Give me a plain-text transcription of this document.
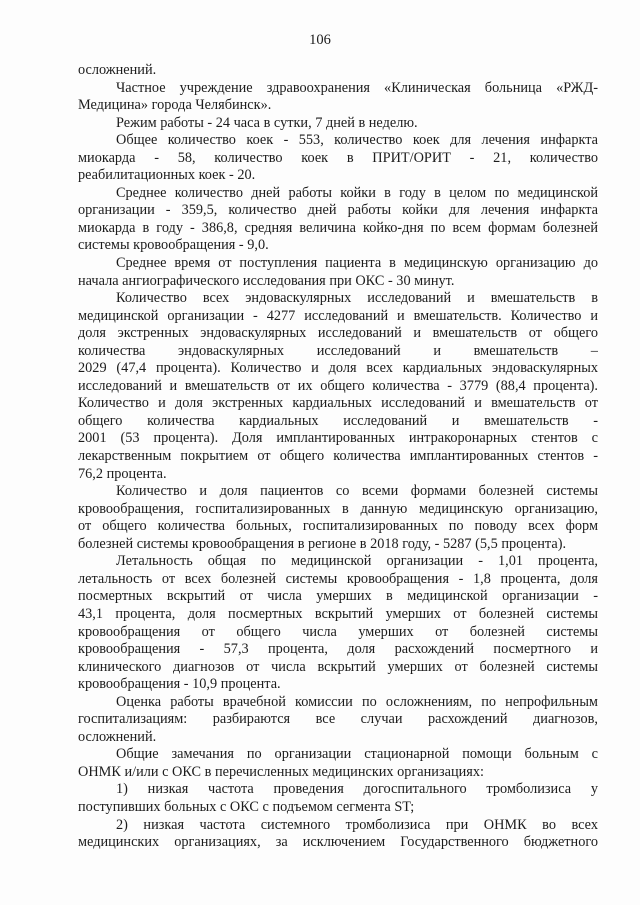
106
осложнений.
Частное учреждение здравоохранения «Клиническая больница «РЖД-
Медицина» города Челябинск».
Режим работы - 24 часа в сутки, 7 дней в неделю.
Общее количество коек - 553, количество коек для лечения инфаркта
миокарда - 58, количество коек в ПРИТ/ОРИТ - 21, количество
реабилитационных коек - 20.
Среднее количество дней работы койки в году в целом по медицинской
организации - 359,5, количество дней работы койки для лечения инфаркта
миокарда в году - 386,8, средняя величина койко-дня по всем формам болезней
системы кровообращения - 9,0.
Среднее время от поступления пациента в медицинскую организацию до
начала ангиографического исследования при ОКС - 30 минут.
Количество всех эндоваскулярных исследований и вмешательств в
медицинской организации - 4277 исследований и вмешательств. Количество и
доля экстренных эндоваскулярных исследований и вмешательств от общего
количества эндоваскулярных исследований и вмешательств –
2029 (47,4 процента). Количество и доля всех кардиальных эндоваскулярных
исследований и вмешательств от их общего количества - 3779 (88,4 процента).
Количество и доля экстренных кардиальных исследований и вмешательств от
общего количества кардиальных исследований и вмешательств -
2001 (53 процента). Доля имплантированных интракоронарных стентов с
лекарственным покрытием от общего количества имплантированных стентов -
76,2 процента.
Количество и доля пациентов со всеми формами болезней системы
кровообращения, госпитализированных в данную медицинскую организацию,
от общего количества больных, госпитализированных по поводу всех форм
болезней системы кровообращения в регионе в 2018 году, - 5287 (5,5 процента).
Летальность общая по медицинской организации - 1,01 процента,
летальность от всех болезней системы кровообращения - 1,8 процента, доля
посмертных вскрытий от числа умерших в медицинской организации -
43,1 процента, доля посмертных вскрытий умерших от болезней системы
кровообращения от общего числа умерших от болезней системы
кровообращения - 57,3 процента, доля расхождений посмертного и
клинического диагнозов от числа вскрытий умерших от болезней системы
кровообращения - 10,9 процента.
Оценка работы врачебной комиссии по осложнениям, по непрофильным
госпитализациям: разбираются все случаи расхождений диагнозов,
осложнений.
Общие замечания по организации стационарной помощи больным с
ОНМК и/или с ОКС в перечисленных медицинских организациях:
1) низкая частота проведения догоспитального тромболизиса у
поступивших больных с ОКС с подъемом сегмента ST;
2) низкая частота системного тромболизиса при ОНМК во всех
медицинских организациях, за исключением Государственного бюджетного
